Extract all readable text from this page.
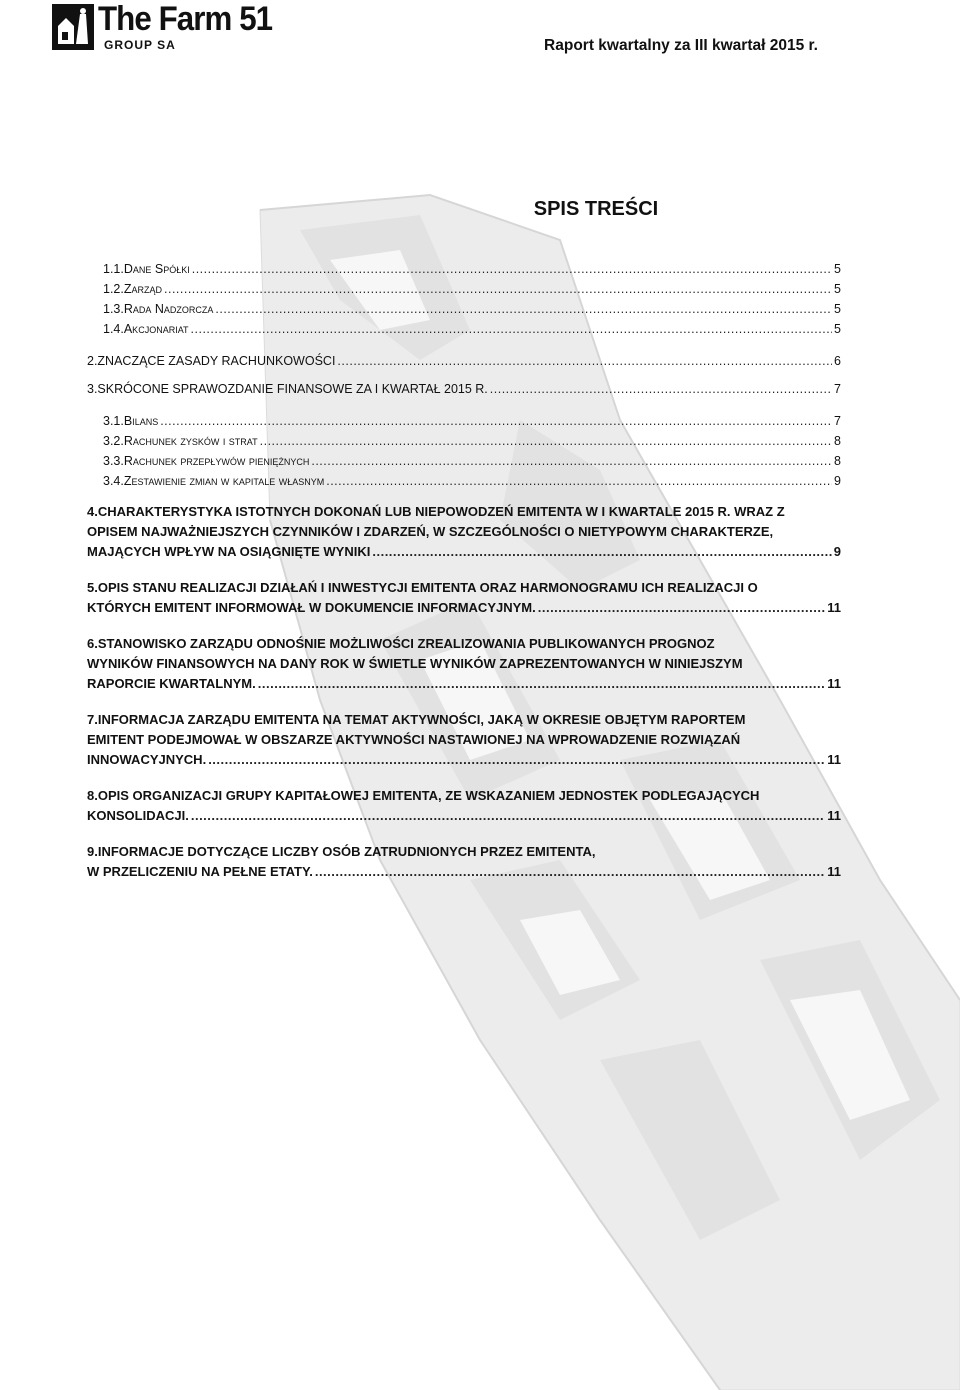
The Farm 51
GROUP SA	Raport kwartalny za III kwartał 2015 r.
SPIS TREŚCI
1.1.Dane Spółki .....	5
1.2.Zarząd .....	5
1.3.Rada Nadzorcza .....	5
1.4.Akcjonariat .....	5
2.ZNACZĄCE ZASADY RACHUNKOWOŚCI .....	6
3.SKRÓCONE SPRAWOZDANIE FINANSOWE ZA I KWARTAŁ 2015 R. .....	7
3.1.Bilans .....	7
3.2.Rachunek zysków i strat .....	8
3.3.Rachunek przepływów pieniężnych .....	8
3.4.Zestawienie zmian w kapitale własnym .....	9
4.CHARAKTERYSTYKA ISTOTNYCH DOKONAŃ LUB NIEPOWODZEŃ EMITENTA W I KWARTALE 2015 R. WRAZ Z
OPISEM NAJWAŻNIEJSZYCH CZYNNIKÓW I ZDARZEŃ, W SZCZEGÓLNOŚCI O NIETYPOWYM CHARAKTERZE,
MAJĄCYCH WPŁYW NA OSIĄGNIĘTE WYNIKI .....	9
5.OPIS STANU REALIZACJI DZIAŁAŃ I INWESTYCJI EMITENTA ORAZ HARMONOGRAMU ICH REALIZACJI O
KTÓRYCH EMITENT INFORMOWAŁ W DOKUMENCIE INFORMACYJNYM. .....	11
6.STANOWISKO ZARZĄDU ODNOŚNIE MOŻLIWOŚCI ZREALIZOWANIA PUBLIKOWANYCH PROGNOZ
WYNIKÓW FINANSOWYCH NA DANY ROK W ŚWIETLE WYNIKÓW ZAPREZENTOWANYCH W NINIEJSZYM
RAPORCIE KWARTALNYM. .....	11
7.INFORMACJA ZARZĄDU EMITENTA NA TEMAT AKTYWNOŚCI, JAKĄ W OKRESIE OBJĘTYM RAPORTEM
EMITENT PODEJMOWAŁ W OBSZARZE AKTYWNOŚCI NASTAWIONEJ NA WPROWADZENIE ROZWIĄZAŃ
INNOWACYJNYCH. .....	11
8.OPIS ORGANIZACJI GRUPY KAPITAŁOWEJ EMITENTA, ZE WSKAZANIEM JEDNOSTEK PODLEGAJĄCYCH
KONSOLIDACJI. .....	11
9.INFORMACJE DOTYCZĄCE LICZBY OSÓB ZATRUDNIONYCH PRZEZ EMITENTA,
W PRZELICZENIU NA PEŁNE ETATY. .....	11
